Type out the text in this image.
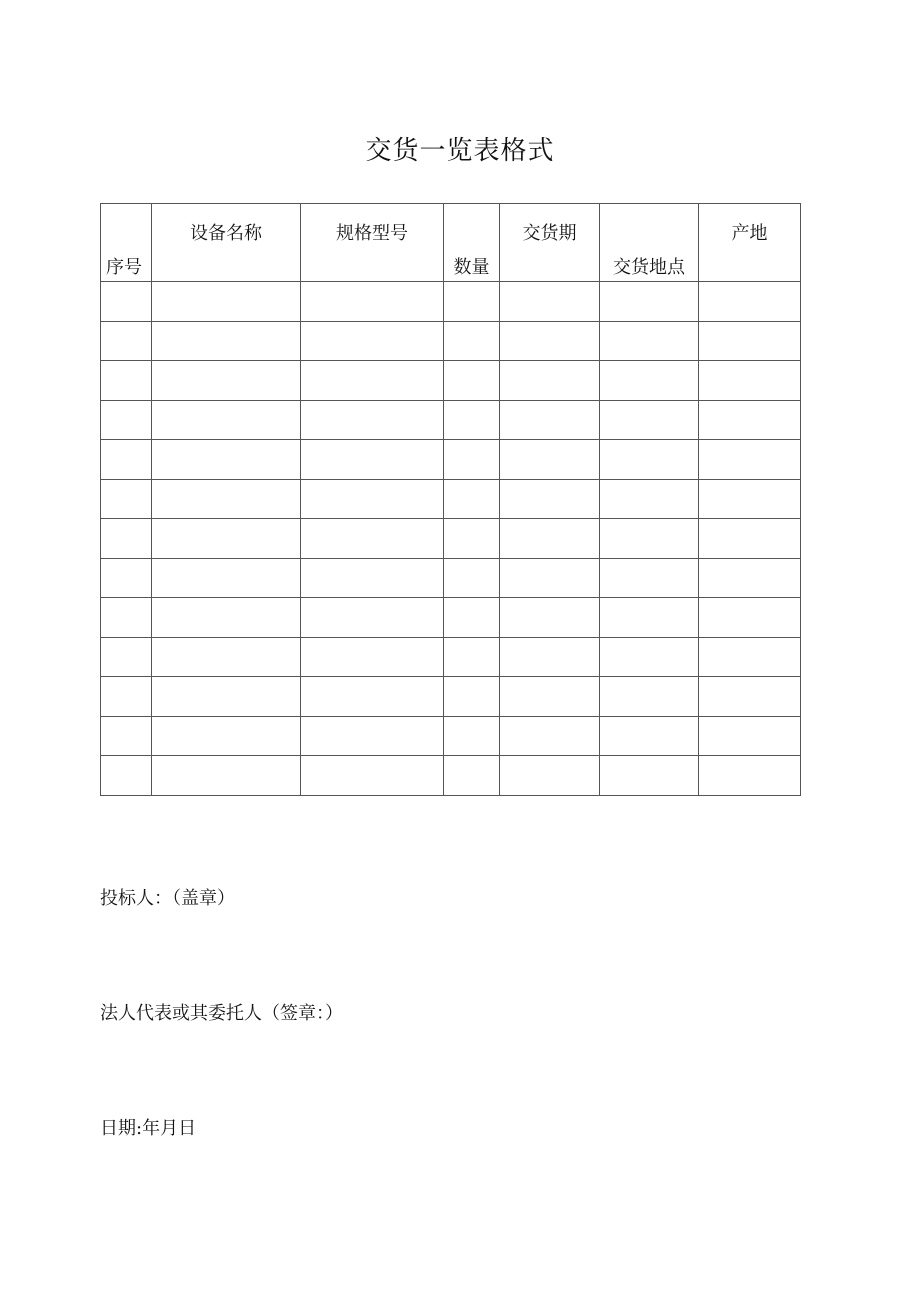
交货一览表格式
序号	设备名称	规格型号	数量	交货期	交货地点	产地

投标人：（盖章）
法人代表或其委托人（签章：）
日期:年月日
